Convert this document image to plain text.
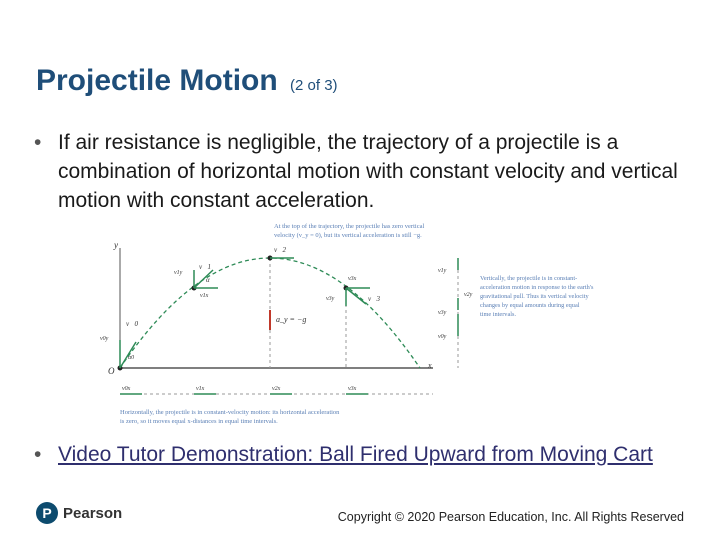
Projectile Motion (2 of 3)
• If air resistance is negligible, the trajectory of a projectile is a combination of horizontal motion with constant velocity and vertical motion with constant acceleration.
y
x
O
a_y = −g
v⃗1
v1y
v1x
α
v⃗2
v3x
v3y	v⃗3
v⃗0
v0y
α0
v1y
v2y
v3y
v0y
v0x	v1x	v2x	v3x
At the top of the trajectory, the projectile has zero vertical
velocity (v_y = 0), but its vertical acceleration is still −g.
Vertically, the projectile is in constant-
acceleration motion in response to the earth's
gravitational pull. Thus its vertical velocity
changes by equal amounts during equal
time intervals.
Horizontally, the projectile is in constant-velocity motion: its horizontal acceleration
is zero, so it moves equal x-distances in equal time intervals.
• Video Tutor Demonstration: Ball Fired Upward from Moving Cart
P Pearson	Copyright © 2020 Pearson Education, Inc. All Rights Reserved
